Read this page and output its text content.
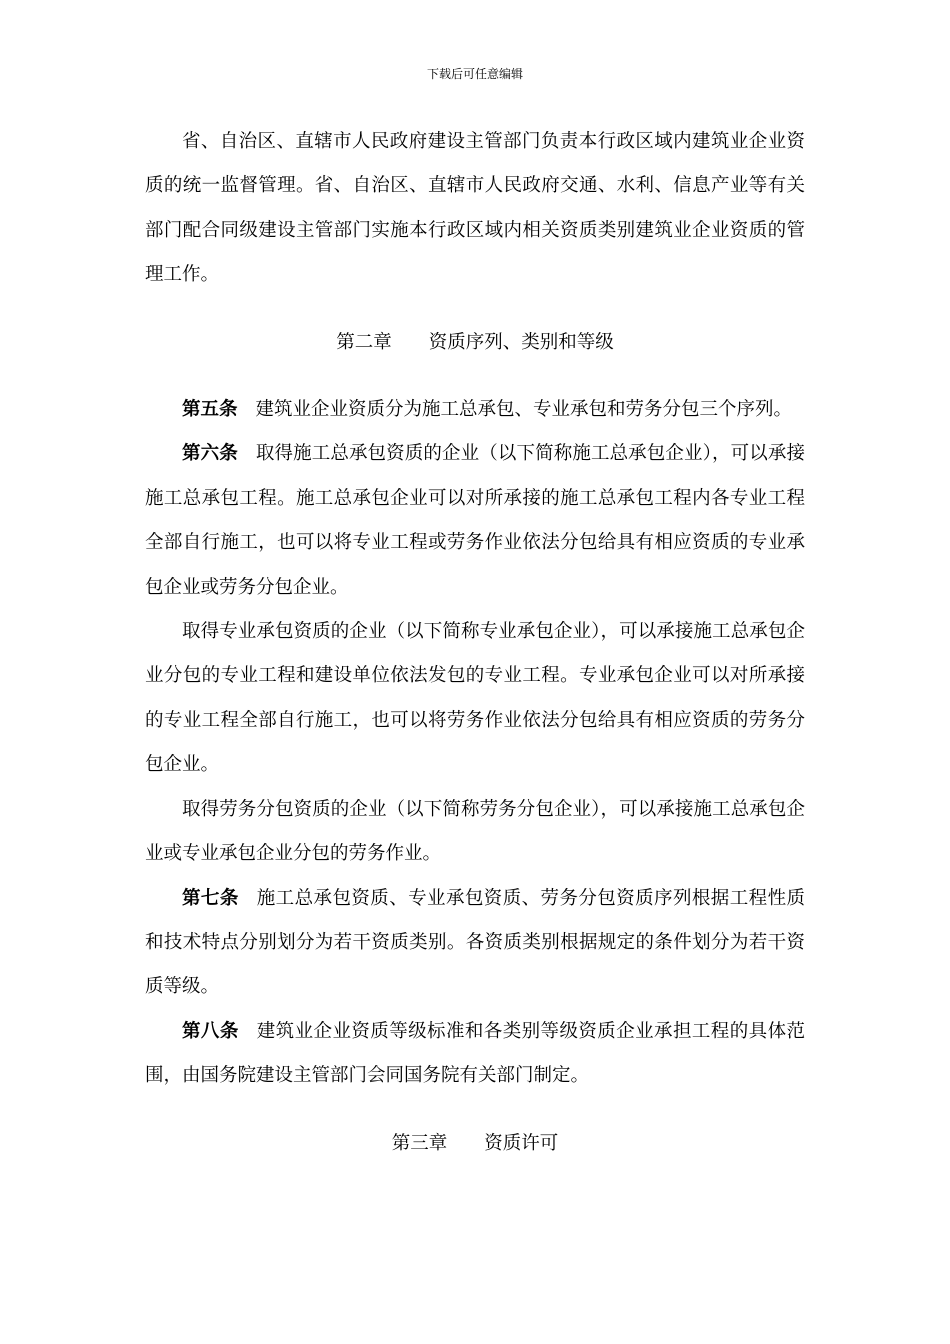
下载后可任意编辑

省、自治区、直辖市人民政府建设主管部门负责本行政区域内建筑业企业资质的统一监督管理。省、自治区、直辖市人民政府交通、水利、信息产业等有关部门配合同级建设主管部门实施本行政区域内相关资质类别建筑业企业资质的管理工作。

第二章 资质序列、类别和等级

第五条 建筑业企业资质分为施工总承包、专业承包和劳务分包三个序列。

第六条 取得施工总承包资质的企业（以下简称施工总承包企业），可以承接施工总承包工程。施工总承包企业可以对所承接的施工总承包工程内各专业工程全部自行施工，也可以将专业工程或劳务作业依法分包给具有相应资质的专业承包企业或劳务分包企业。

取得专业承包资质的企业（以下简称专业承包企业），可以承接施工总承包企业分包的专业工程和建设单位依法发包的专业工程。专业承包企业可以对所承接的专业工程全部自行施工，也可以将劳务作业依法分包给具有相应资质的劳务分包企业。

取得劳务分包资质的企业（以下简称劳务分包企业），可以承接施工总承包企业或专业承包企业分包的劳务作业。

第七条 施工总承包资质、专业承包资质、劳务分包资质序列根据工程性质和技术特点分别划分为若干资质类别。各资质类别根据规定的条件划分为若干资质等级。

第八条 建筑业企业资质等级标准和各类别等级资质企业承担工程的具体范围，由国务院建设主管部门会同国务院有关部门制定。

第三章 资质许可
